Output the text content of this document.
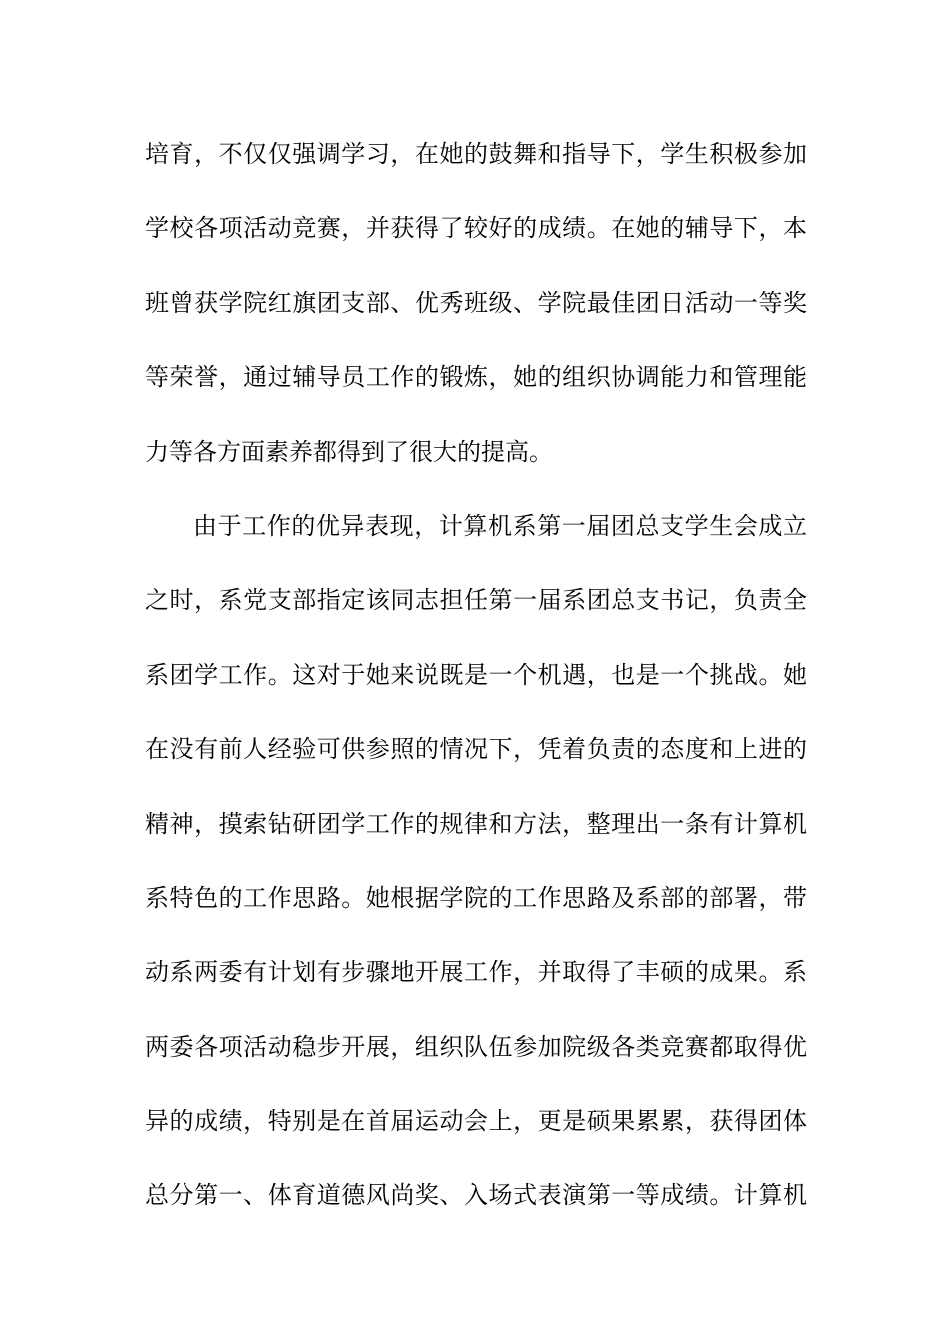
培育，不仅仅强调学习，在她的鼓舞和指导下，学生积极参加
学校各项活动竞赛，并获得了较好的成绩。在她的辅导下，本
班曾获学院红旗团支部、优秀班级、学院最佳团日活动一等奖
等荣誉，通过辅导员工作的锻炼，她的组织协调能力和管理能
力等各方面素养都得到了很大的提高。
由于工作的优异表现，计算机系第一届团总支学生会成立
之时，系党支部指定该同志担任第一届系团总支书记，负责全
系团学工作。这对于她来说既是一个机遇，也是一个挑战。她
在没有前人经验可供参照的情况下，凭着负责的态度和上进的
精神，摸索钻研团学工作的规律和方法，整理出一条有计算机
系特色的工作思路。她根据学院的工作思路及系部的部署，带
动系两委有计划有步骤地开展工作，并取得了丰硕的成果。系
两委各项活动稳步开展，组织队伍参加院级各类竞赛都取得优
异的成绩，特别是在首届运动会上，更是硕果累累，获得团体
总分第一、体育道德风尚奖、入场式表演第一等成绩。计算机
